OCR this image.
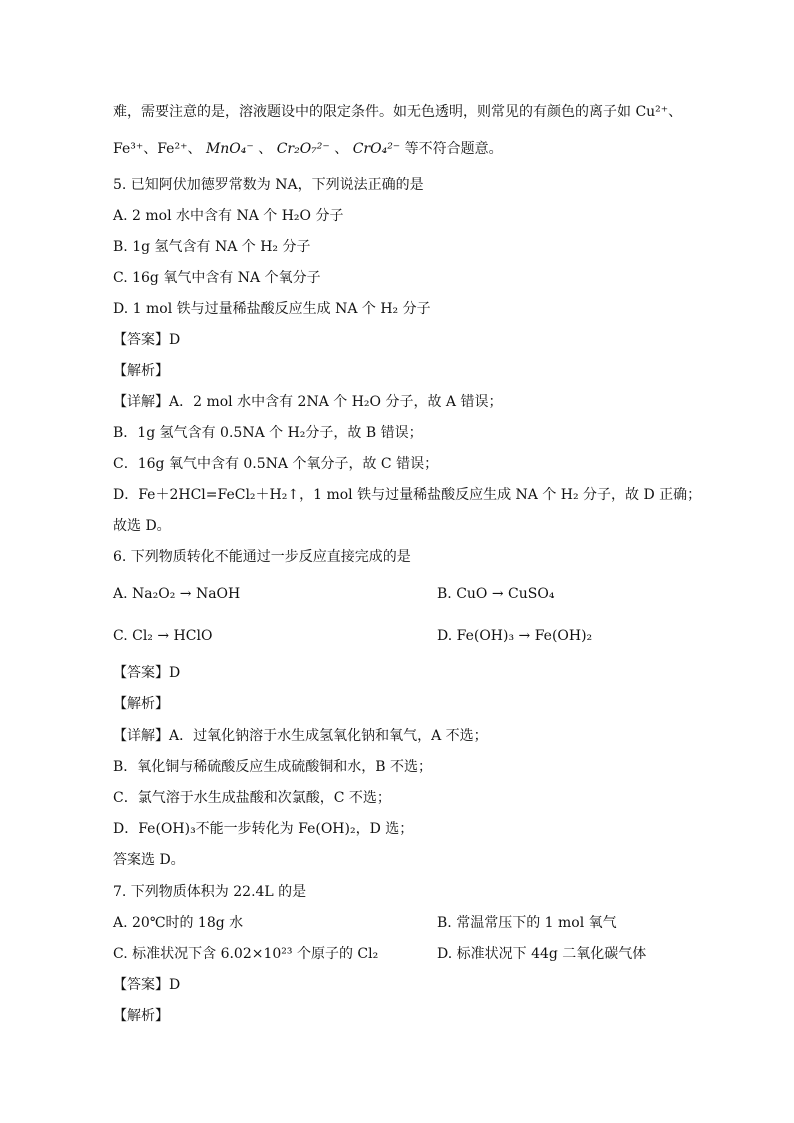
难，需要注意的是，溶液题设中的限定条件。如无色透明，则常见的有颜色的离子如 Cu²⁺、
Fe³⁺、Fe²⁺、 MnO₄⁻ 、 Cr₂O₇²⁻ 、 CrO₄²⁻ 等不符合题意。
5. 已知阿伏加德罗常数为 NA，下列说法正确的是
A. 2 mol 水中含有 NA 个 H₂O 分子
B. 1g 氢气含有 NA 个 H₂ 分子
C. 16g 氧气中含有 NA 个氧分子
D. 1 mol 铁与过量稀盐酸反应生成 NA 个 H₂ 分子
【答案】D
【解析】
【详解】A．2 mol 水中含有 2NA 个 H₂O 分子，故 A 错误；
B．1g 氢气含有 0.5NA 个 H₂分子，故 B 错误；
C．16g 氧气中含有 0.5NA 个氧分子，故 C 错误；
D．Fe＋2HCl=FeCl₂＋H₂↑，1 mol 铁与过量稀盐酸反应生成 NA 个 H₂ 分子，故 D 正确；
故选 D。
6. 下列物质转化不能通过一步反应直接完成的是
A. Na₂O₂ → NaOH	B. CuO → CuSO₄
C. Cl₂ → HClO	D. Fe(OH)₃ → Fe(OH)₂
【答案】D
【解析】
【详解】A．过氧化钠溶于水生成氢氧化钠和氧气，A 不选；
B．氧化铜与稀硫酸反应生成硫酸铜和水，B 不选；
C．氯气溶于水生成盐酸和次氯酸，C 不选；
D．Fe(OH)₃不能一步转化为 Fe(OH)₂，D 选；
答案选 D。
7. 下列物质体积为 22.4L 的是
A. 20℃时的 18g 水	B. 常温常压下的 1 mol 氧气
C. 标准状况下含 6.02×10²³ 个原子的 Cl₂	D. 标准状况下 44g 二氧化碳气体
【答案】D
【解析】
